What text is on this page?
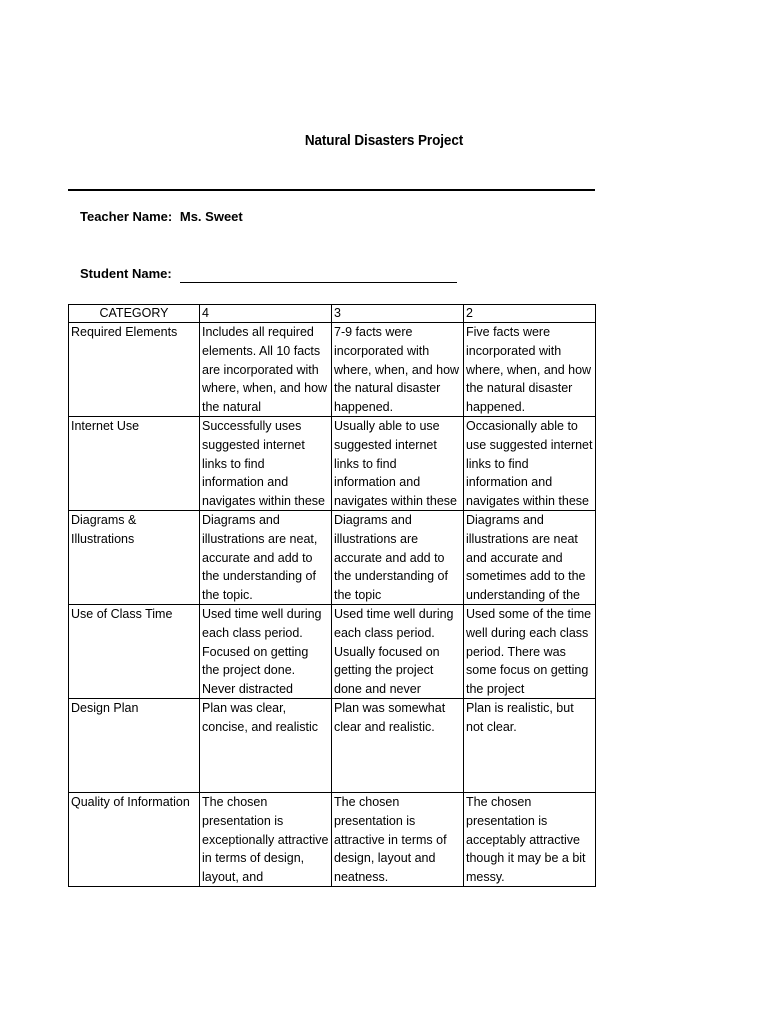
Natural Disasters Project
Teacher Name: Ms. Sweet
Student Name:
CATEGORY	4	3	2

Required Elements	Includes all required elements. All 10 facts are incorporated with where, when, and how the natural	7-9 facts were incorporated with where, when, and how the natural disaster happened.	Five facts were incorporated with where, when, and how the natural disaster happened.

Internet Use	Successfully uses suggested internet links to find information and navigates within these	Usually able to use suggested internet links to find information and navigates within these	Occasionally able to use suggested internet links to find information and navigates within these

Diagrams & Illustrations	Diagrams and illustrations are neat, accurate and add to the understanding of the topic.	Diagrams and illustrations are accurate and add to the understanding of the topic	Diagrams and illustrations are neat and accurate and sometimes add to the understanding of the

Use of Class Time	Used time well during each class period. Focused on getting the project done. Never distracted	Used time well during each class period. Usually focused on getting the project done and never	Used some of the time well during each class period. There was some focus on getting the project

Design Plan	Plan was clear, concise, and realistic	Plan was somewhat clear and realistic.	Plan is realistic, but not clear.

Quality of Information	The chosen presentation is exceptionally attractive in terms of design, layout, and	The chosen presentation is attractive in terms of design, layout and neatness.	The chosen presentation is acceptably attractive though it may be a bit messy.
